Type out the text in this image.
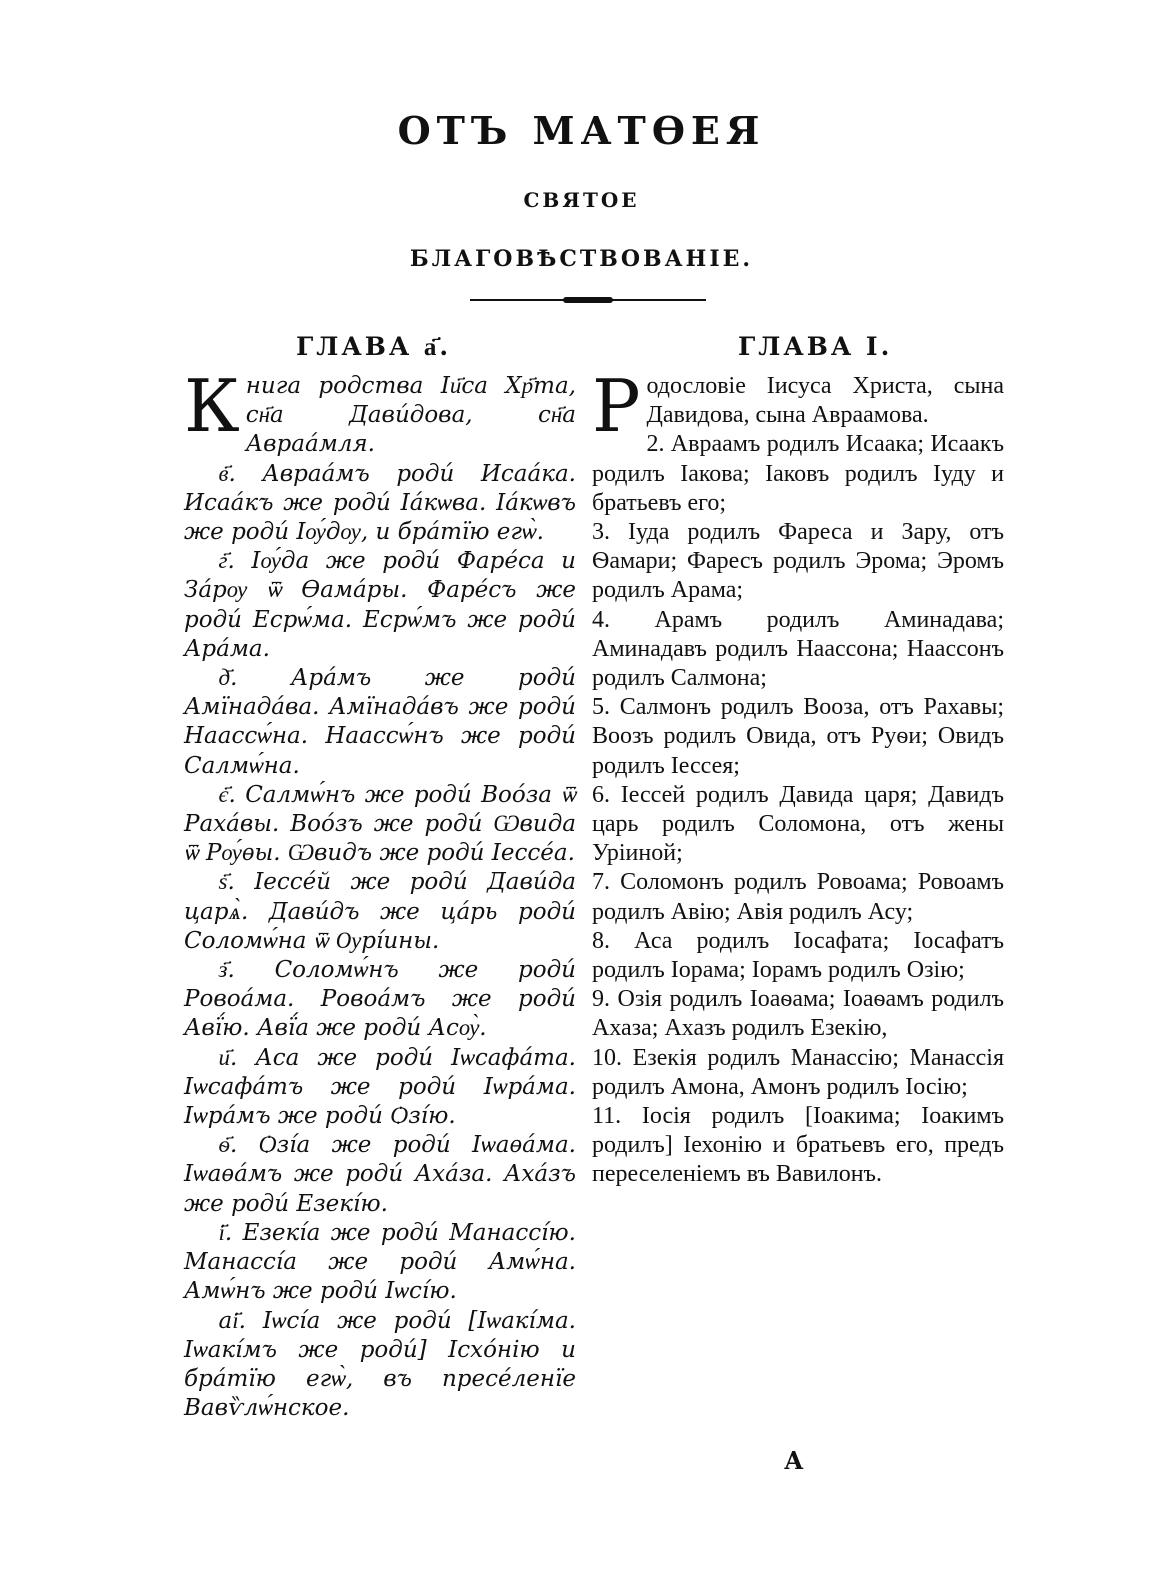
ОТЪ МАТѲЕЯ
СВЯТОЕ
БЛАГОВѢСТВОВАНІЕ.
ГЛАВА а҃.	ГЛАВА I.

Книга родства Іи҃са Хр҃тa, сн҃а Дави́дова, сн҃а Авраа́мля.

в҃. Авраа́мъ роди́ Исаа́ка. Исаа́къ же роди́ Іа́кѡва. Іа́кѡвъ же роди́ Іѹ́дѹ, и бра́тїю егѡ̀.

г҃. Іѹ́да же роди́ Фаре́са и За́рѹ ѿ Ѳама́ры. Фаре́съ же роди́ Есрѡ́ма. Есрѡ́мъ же роди́ Ара́ма.

д҃. Ара́мъ же роди́ Амїнада́ва. Амїнада́въ же роди́ Наассѡ́на. Наассѡ́нъ же роди́ Салмѡ́на.

є҃. Салмѡ́нъ же роди́ Воо́за ѿ Раха́вы. Воо́зъ же роди́ Ѡвида ѿ Рѹ́ѳы. Ѡвидъ же роди́ Іессе́а.

ѕ҃. Іессе́й же роди́ Дави́да царѧ̀. Дави́дъ же ца́рь роди́ Соломѡ́на ѿ Ѹрі́ины.

з҃. Соломѡ́нъ же роди́ Ровоа́ма. Ровоа́мъ же роди́ Авї́ю. Авї́а же роди́ Асѹ̀.

и҃. Аса же роди́ Іѡсафа́та. Іѡсафа́тъ же роди́ Іѡра́ма. Іѡра́мъ же роди́ Ѻзі́ю.

ѳ҃. Ѻзі́а же роди́ Іѡаѳа́ма. Іѡаѳа́мъ же роди́ Аха́за. Аха́зъ же роди́ Езекі́ю.

і҃. Езекі́а же роди́ Манассі́ю. Манассі́а же роди́ Амѡ́на. Амѡ́нъ же роди́ Іѡсі́ю.

аі҃. Іѡсі́а же роди́ [Іѡакі́ма. Іѡакі́мъ же роди́] Ісхо́нію и бра́тїю егѡ̀, въ пресе́ленїе Вавѷлѡ́нское.

Родословіе Іисуса Христа, сына Давидова, сына Авраамова.

2. Авраамъ родилъ Исаака; Исаакъ родилъ Іакова; Іаковъ родилъ Іуду и братьевъ его;

3. Іуда родилъ Фареса и Зару, отъ Ѳамари; Фаресъ родилъ Эрома; Эромъ родилъ Арама;

4. Арамъ родилъ Аминадава; Аминадавъ родилъ Наассона; Наассонъ родилъ Салмона;

5. Салмонъ родилъ Вооза, отъ Рахавы; Воозъ родилъ Овида, отъ Руѳи; Овидъ родилъ Іессея;

6. Іессей родилъ Давида царя; Давидъ царь родилъ Соломона, отъ жены Уріиной;

7. Соломонъ родилъ Ровоама; Ровоамъ родилъ Авію; Авія родилъ Асу;

8. Аса родилъ Іосафата; Іосафатъ родилъ Іорама; Іорамъ родилъ Озію;

9. Озія родилъ Іоаѳама; Іоаѳамъ родилъ Ахаза; Ахазъ родилъ Езекію,

10. Езекія родилъ Манассію; Манассія родилъ Амона, Амонъ родилъ Іосію;

11. Іосія родилъ [Іоакима; Іоакимъ родилъ] Іехонію и братьевъ его, предъ переселеніемъ въ Вавилонъ.

А
